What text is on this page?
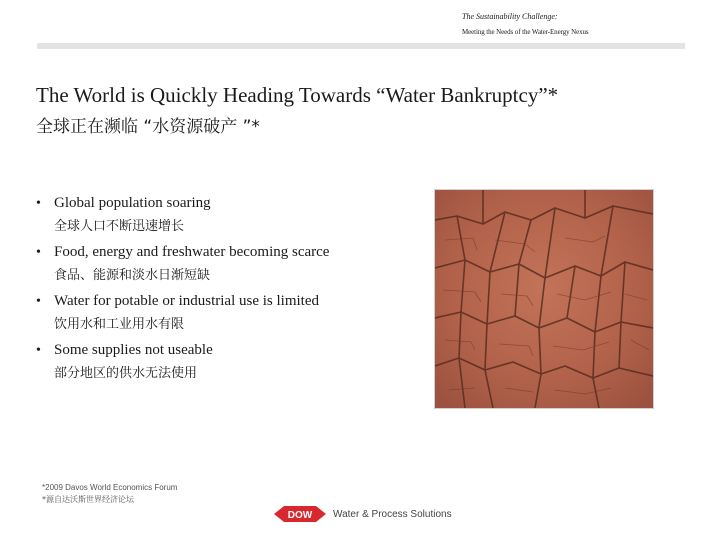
The Sustainability Challenge:
Meeting the Needs of the Water-Energy Nexus
The World is Quickly Heading Towards “Water Bankruptcy”*
全球正在濒临 “水资源破产 ”*
• Global population soaring
全球人口不断迅速增长
• Food, energy and freshwater becoming scarce
食品、能源和淡水日渐短缺
• Water for potable or industrial use is limited
饮用水和工业用水有限
• Some supplies not useable
部分地区的供水无法使用
*2009 Davos World Economics Forum
*源自达沃斯世界经济论坛
DOW Water & Process Solutions
